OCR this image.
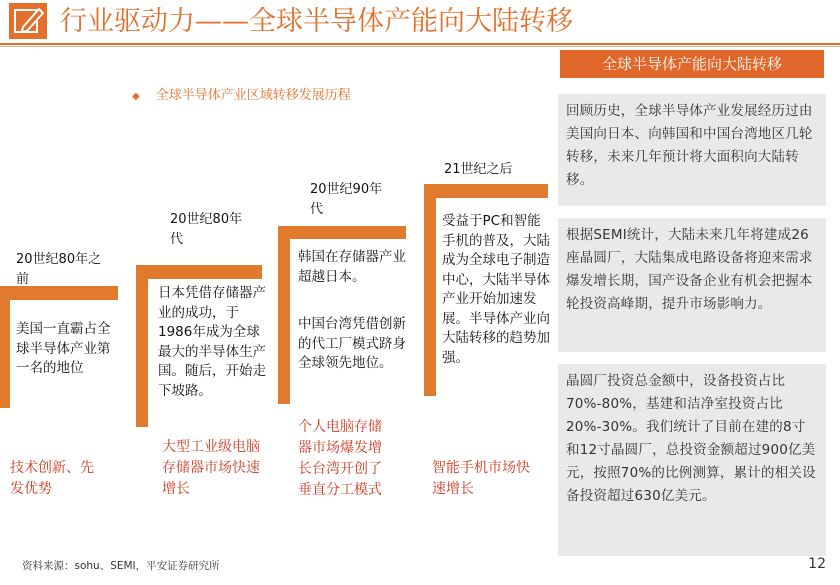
行业驱动力——全球半导体产能向大陆转移
全球半导体产能向大陆转移
◆ 全球半导体产业区域转移发展历程
20世纪80年之前
美国一直霸占全球半导体产业第一名的地位
技术创新、先发优势
20世纪80年代
日本凭借存储器产业的成功，于1986年成为全球最大的半导体生产国。随后，开始走下坡路。
大型工业级电脑存储器市场快速增长
20世纪90年代
韩国在存储器产业超越日本。
中国台湾凭借创新的代工厂模式跻身全球领先地位。
个人电脑存储器市场爆发增长台湾开创了垂直分工模式
21世纪之后
受益于PC和智能手机的普及，大陆成为全球电子制造中心，大陆半导体产业开始加速发展。半导体产业向大陆转移的趋势加强。
智能手机市场快速增长
回顾历史，全球半导体产业发展经历过由美国向日本、向韩国和中国台湾地区几轮转移，未来几年预计将大面积向大陆转移。
根据SEMI统计，大陆未来几年将建成26座晶圆厂，大陆集成电路设备将迎来需求爆发增长期，国产设备企业有机会把握本轮投资高峰期，提升市场影响力。
晶圆厂投资总金额中，设备投资占比70%-80%，基建和洁净室投资占比20%-30%。我们统计了目前在建的8寸和12寸晶圆厂，总投资金额超过900亿美元，按照70%的比例测算，累计的相关设备投资超过630亿美元。
资料来源：sohu、SEMI，平安证券研究所	12
